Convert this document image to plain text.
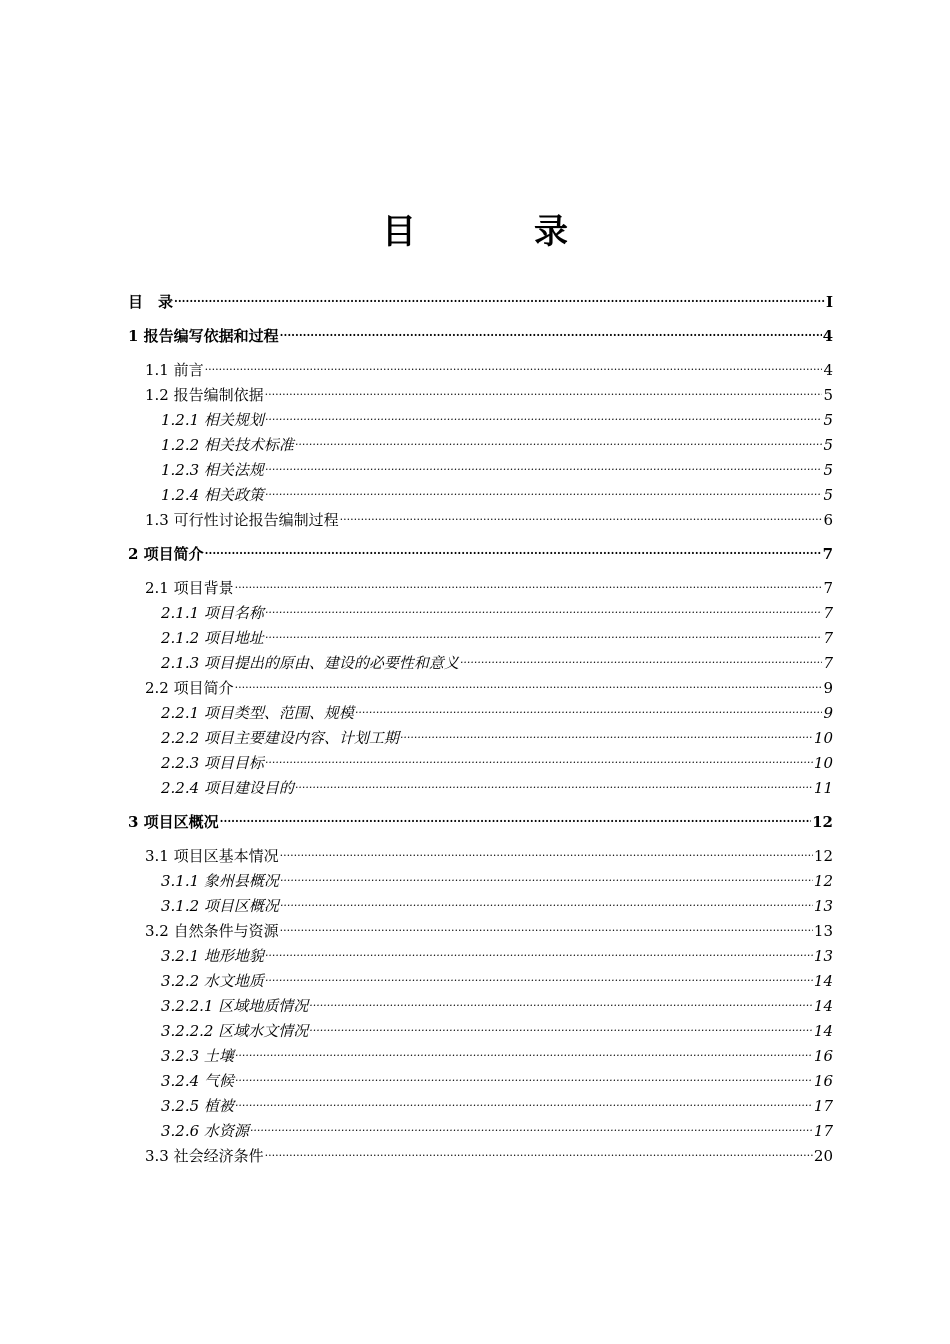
目　录
目　录 .....	I
1 报告编写依据和过程 .....	4
1.1 前言 .....	4
1.2 报告编制依据 .....	5
1.2.1 相关规划 .....	5
1.2.2 相关技术标准 .....	5
1.2.3 相关法规 .....	5
1.2.4 相关政策 .....	5
1.3 可行性讨论报告编制过程 .....	6
2 项目简介 .....	7
2.1 项目背景 .....	7
2.1.1 项目名称 .....	7
2.1.2 项目地址 .....	7
2.1.3 项目提出的原由、建设的必要性和意义 .....	7
2.2 项目简介 .....	9
2.2.1 项目类型、范围、规模 .....	9
2.2.2 项目主要建设内容、计划工期 .....	10
2.2.3 项目目标 .....	10
2.2.4 项目建设目的 .....	11
3 项目区概况 .....	12
3.1 项目区基本情况 .....	12
3.1.1 象州县概况 .....	12
3.1.2 项目区概况 .....	13
3.2 自然条件与资源 .....	13
3.2.1 地形地貌 .....	13
3.2.2 水文地质 .....	14
3.2.2.1 区域地质情况 .....	14
3.2.2.2 区域水文情况 .....	14
3.2.3 土壤 .....	16
3.2.4 气候 .....	16
3.2.5 植被 .....	17
3.2.6 水资源 .....	17
3.3 社会经济条件 .....	20
